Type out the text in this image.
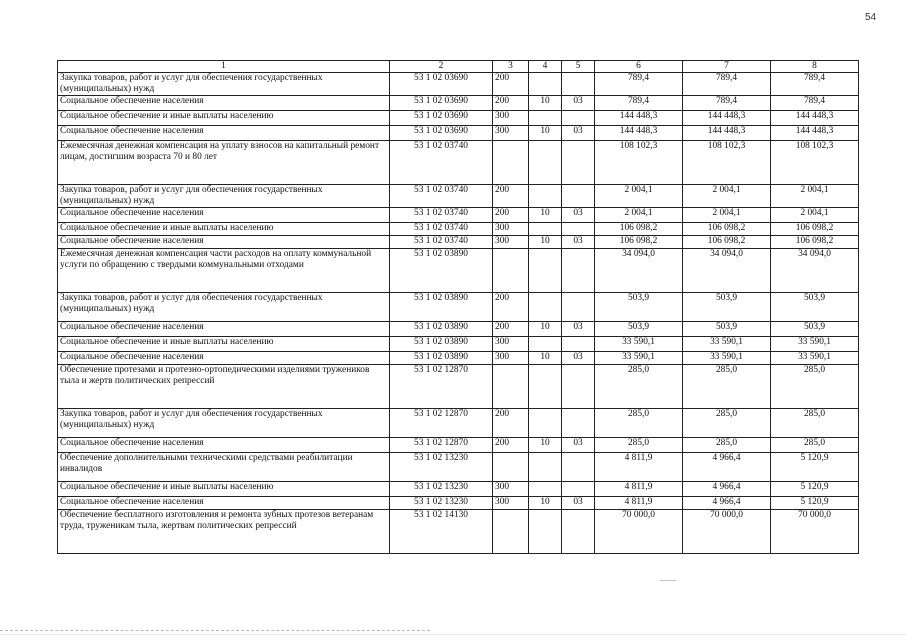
54
1	2	3	4	5	6	7	8
Закупка товаров, работ и услуг для обеспечения государственных (муниципальных) нужд	53 1 02 03690	200			789,4	789,4	789,4
Социальное обеспечение населения	53 1 02 03690	200	10	03	789,4	789,4	789,4
Социальное обеспечение и иные выплаты населению	53 1 02 03690	300			144 448,3	144 448,3	144 448,3
Социальное обеспечение населения	53 1 02 03690	300	10	03	144 448,3	144 448,3	144 448,3
Ежемесячная денежная компенсация на уплату взносов на капитальный ремонт лицам, достигшим возраста 70 и 80 лет	53 1 02 03740				108 102,3	108 102,3	108 102,3
Закупка товаров, работ и услуг для обеспечения государственных (муниципальных) нужд	53 1 02 03740	200			2 004,1	2 004,1	2 004,1
Социальное обеспечение населения	53 1 02 03740	200	10	03	2 004,1	2 004,1	2 004,1
Социальное обеспечение и иные выплаты населению	53 1 02 03740	300			106 098,2	106 098,2	106 098,2
Социальное обеспечение населения	53 1 02 03740	300	10	03	106 098,2	106 098,2	106 098,2
Ежемесячная денежная компенсация части расходов на оплату коммунальной услуги по обращению с твердыми коммунальными отходами	53 1 02 03890				34 094,0	34 094,0	34 094,0
Закупка товаров, работ и услуг для обеспечения государственных (муниципальных) нужд	53 1 02 03890	200			503,9	503,9	503,9
Социальное обеспечение населения	53 1 02 03890	200	10	03	503,9	503,9	503,9
Социальное обеспечение и иные выплаты населению	53 1 02 03890	300			33 590,1	33 590,1	33 590,1
Социальное обеспечение населения	53 1 02 03890	300	10	03	33 590,1	33 590,1	33 590,1
Обеспечение протезами и протезно-ортопедическими изделиями тружеников тыла и жертв политических репрессий	53 1 02 12870				285,0	285,0	285,0
Закупка товаров, работ и услуг для обеспечения государственных (муниципальных) нужд	53 1 02 12870	200			285,0	285,0	285,0
Социальное обеспечение населения	53 1 02 12870	200	10	03	285,0	285,0	285,0
Обеспечение дополнительными техническими средствами реабилитации инвалидов	53 1 02 13230				4 811,9	4 966,4	5 120,9
Социальное обеспечение и иные выплаты населению	53 1 02 13230	300			4 811,9	4 966,4	5 120,9
Социальное обеспечение населения	53 1 02 13230	300	10	03	4 811,9	4 966,4	5 120,9
Обеспечение бесплатного изготовления и ремонта зубных протезов ветеранам труда, труженикам тыла, жертвам политических репрессий	53 1 02 14130				70 000,0	70 000,0	70 000,0
